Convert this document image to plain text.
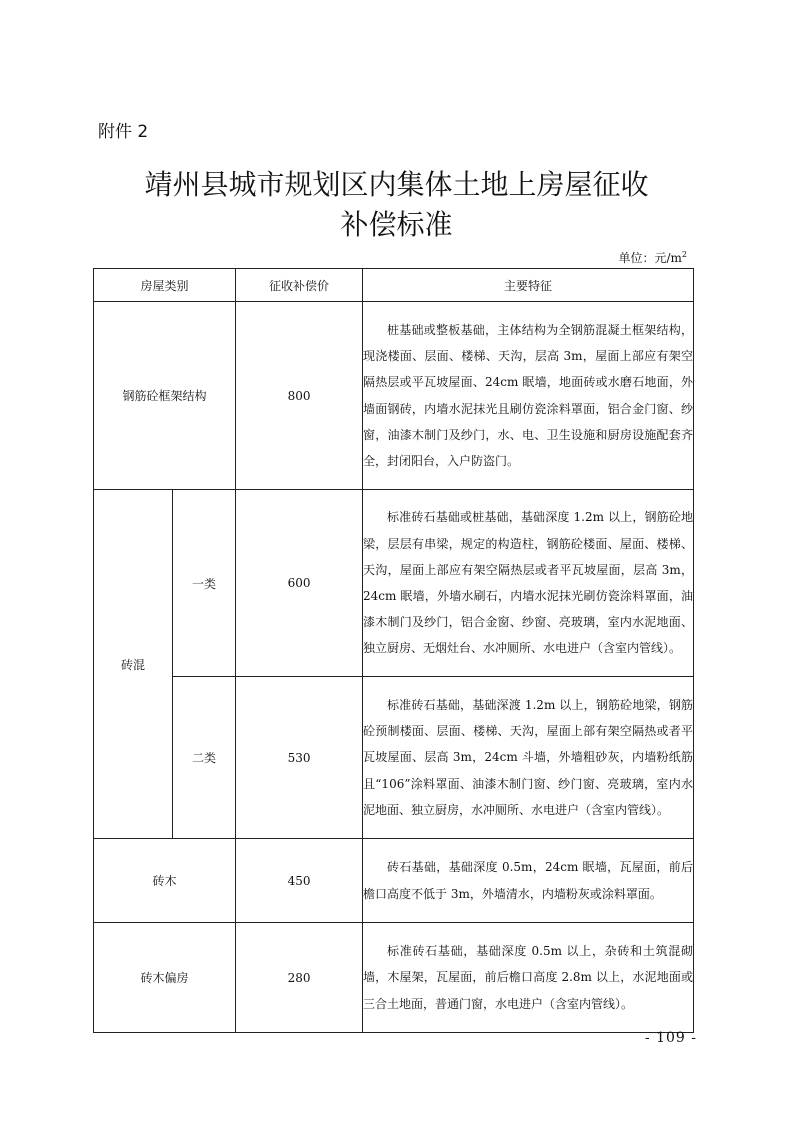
附件 2
靖州县城市规划区内集体土地上房屋征收
补偿标准
单位：元$/m^2$
房屋类别		征收补偿价	主要特征
钢筋砼框架结构		800	桩基础或整板基础，主体结构为全钢筋混凝土框架结构，现浇楼面、层面、楼梯、天沟，层高 3m，屋面上部应有架空隔热层或平瓦坡屋面、24cm 眠墙，地面砖或水磨石地面，外墙面钢砖，内墙水泥抹光且刷仿瓷涂料罩面，铝合金门窗、纱窗，油漆木制门及纱门，水、电、卫生设施和厨房设施配套齐全，封闭阳台，入户防盗门。

砖混	一类	600	标准砖石基础或桩基础，基础深度 1.2m 以上，钢筋砼地梁，层层有串梁，规定的构造柱，钢筋砼楼面、屋面、楼梯、天沟，屋面上部应有架空隔热层或者平瓦坡屋面，层高 3m，24cm 眠墙，外墙水刷石，内墙水泥抹光刷仿瓷涂料罩面，油漆木制门及纱门，铝合金窗、纱窗、亮玻璃，室内水泥地面、独立厨房、无烟灶台、水冲厕所、水电进户（含室内管线）。

	二类	530	标准砖石基础，基础深渡 1.2m 以上，钢筋砼地梁，钢筋砼预制楼面、层面、楼梯、天沟，屋面上部有架空隔热或者平瓦坡屋面、层高 3m，24cm 斗墙，外墙粗砂灰，内墙粉纸筋且“106”涂料罩面、油漆木制门窗、纱门窗、亮玻璃，室内水泥地面、独立厨房，水冲厕所、水电进户（含室内管线）。

砖木		450	砖石基础，基础深度 0.5m，24cm 眠墙，瓦屋面，前后檐口高度不低于 3m，外墙清水，内墙粉灰或涂料罩面。

砖木偏房		280	标准砖石基础，基础深度 0.5m 以上，杂砖和土筑混砌墙，木屋架，瓦屋面，前后檐口高度 2.8m 以上，水泥地面或三合土地面，普通门窗，水电进户（含室内管线）。
- 109 -
